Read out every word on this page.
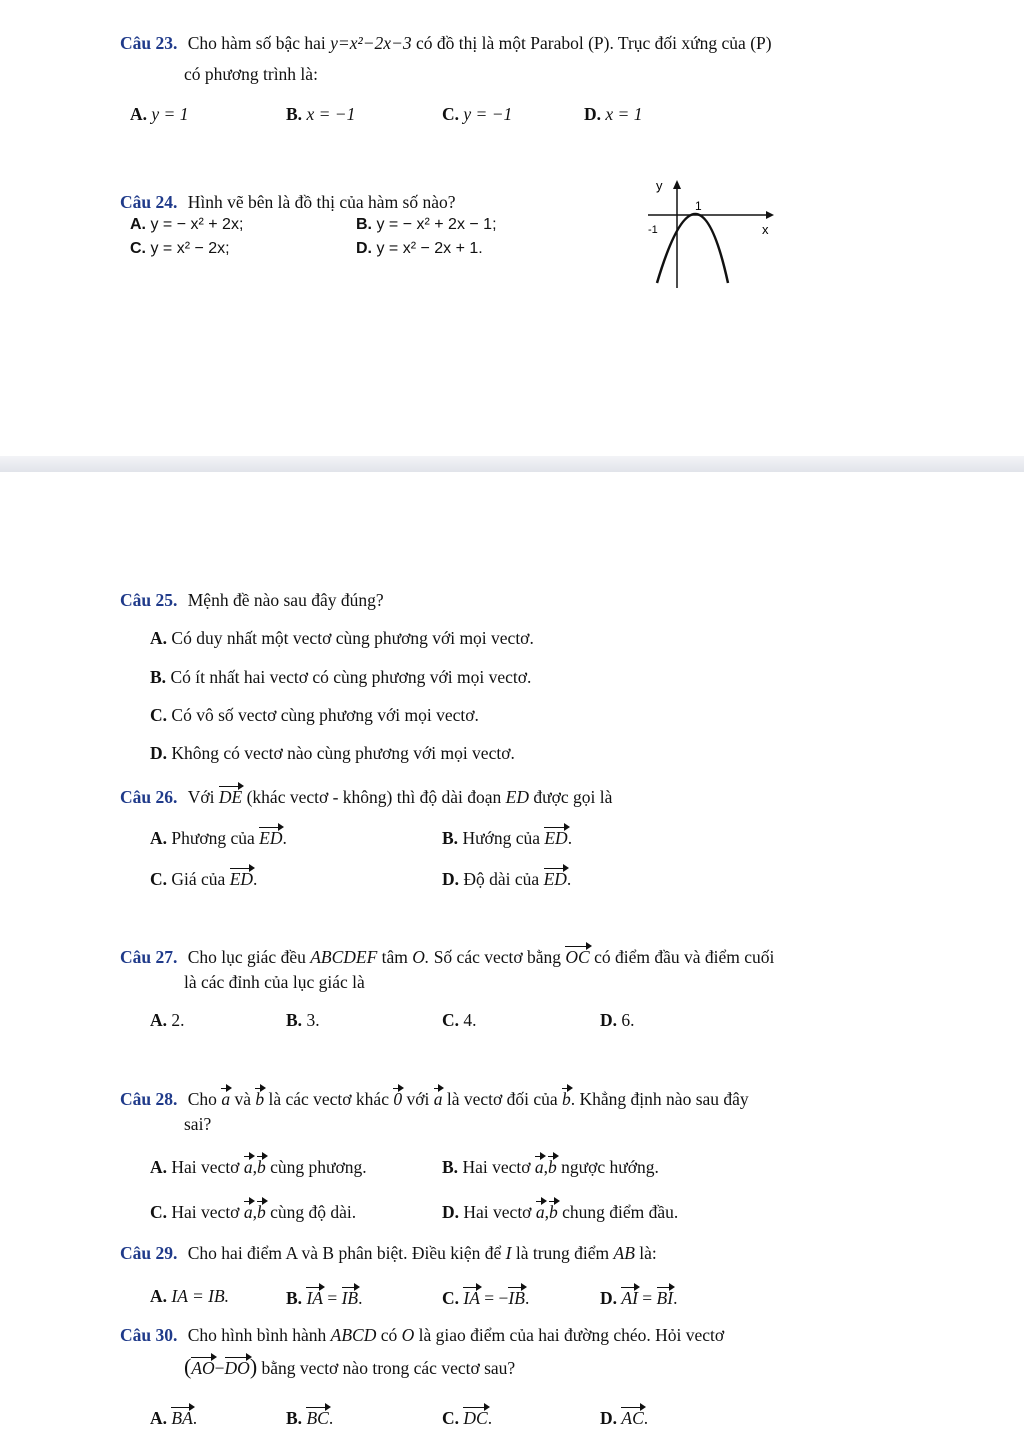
Câu 23. Cho hàm số bậc hai y=x²−2x−3 có đồ thị là một Parabol (P). Trục đối xứng của (P)
có phương trình là:
A. y = 1	B. x = −1	C. y = −1	D. x = 1
Câu 24. Hình vẽ bên là đồ thị của hàm số nào?
A. y = − x² + 2x;	B. y = − x² + 2x − 1;
C. y = x² − 2x;	D. y = x² − 2x + 1.
y
x
1
-1
Câu 25. Mệnh đề nào sau đây đúng?
A. Có duy nhất một vectơ cùng phương với mọi vectơ.
B. Có ít nhất hai vectơ có cùng phương với mọi vectơ.
C. Có vô số vectơ cùng phương với mọi vectơ.
D. Không có vectơ nào cùng phương với mọi vectơ.
Câu 26. Với DE (khác vectơ - không) thì độ dài đoạn ED được gọi là
A. Phương của ED.	B. Hướng của ED.
C. Giá của ED.	D. Độ dài của ED.
Câu 27. Cho lục giác đều ABCDEF tâm O. Số các vectơ bằng OC có điểm đầu và điểm cuối
là các đỉnh của lục giác là
A. 2.	B. 3.	C. 4.	D. 6.
Câu 28. Cho a và b là các vectơ khác 0 với a là vectơ đối của b. Khẳng định nào sau đây
sai?
A. Hai vectơ a,b cùng phương.	B. Hai vectơ a,b ngược hướng.
C. Hai vectơ a,b cùng độ dài.	D. Hai vectơ a,b chung điểm đầu.
Câu 29. Cho hai điểm A và B phân biệt. Điều kiện để I là trung điểm AB là:
A. IA = IB.	B. IA = IB.	C. IA = −IB.	D. AI = BI.
Câu 30. Cho hình bình hành ABCD có O là giao điểm của hai đường chéo. Hỏi vectơ
(AO−DO) bằng vectơ nào trong các vectơ sau?
A. BA.	B. BC.	C. DC.	D. AC.
